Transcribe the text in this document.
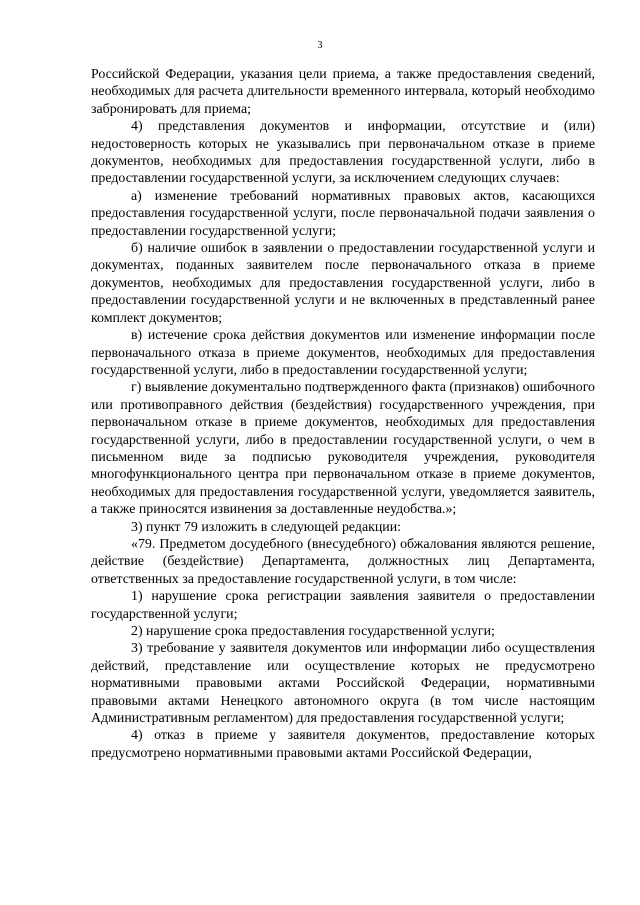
3

Российской Федерации, указания цели приема, а также предоставления сведений, необходимых для расчета длительности временного интервала, который необходимо забронировать для приема;

4) представления документов и информации, отсутствие и (или) недостоверность которых не указывались при первоначальном отказе в приеме документов, необходимых для предоставления государственной услуги, либо в предоставлении государственной услуги, за исключением следующих случаев:

а) изменение требований нормативных правовых актов, касающихся предоставления государственной услуги, после первоначальной подачи заявления о предоставлении государственной услуги;

б) наличие ошибок в заявлении о предоставлении государственной услуги и документах, поданных заявителем после первоначального отказа в приеме документов, необходимых для предоставления государственной услуги, либо в предоставлении государственной услуги и не включенных в представленный ранее комплект документов;

в) истечение срока действия документов или изменение информации после первоначального отказа в приеме документов, необходимых для предоставления государственной услуги, либо в предоставлении государственной услуги;

г) выявление документально подтвержденного факта (признаков) ошибочного или противоправного действия (бездействия) государственного учреждения, при первоначальном отказе в приеме документов, необходимых для предоставления государственной услуги, либо в предоставлении государственной услуги, о чем в письменном виде за подписью руководителя учреждения, руководителя многофункционального центра при первоначальном отказе в приеме документов, необходимых для предоставления государственной услуги, уведомляется заявитель, а также приносятся извинения за доставленные неудобства.»;

3) пункт 79 изложить в следующей редакции:

«79. Предметом досудебного (внесудебного) обжалования являются решение, действие (бездействие) Департамента, должностных лиц Департамента, ответственных за предоставление государственной услуги, в том числе:

1) нарушение срока регистрации заявления заявителя о предоставлении государственной услуги;

2) нарушение срока предоставления государственной услуги;

3) требование у заявителя документов или информации либо осуществления действий, представление или осуществление которых не предусмотрено нормативными правовыми актами Российской Федерации, нормативными правовыми актами Ненецкого автономного округа (в том числе настоящим Административным регламентом) для предоставления государственной услуги;

4) отказ в приеме у заявителя документов, предоставление которых предусмотрено нормативными правовыми актами Российской Федерации,
